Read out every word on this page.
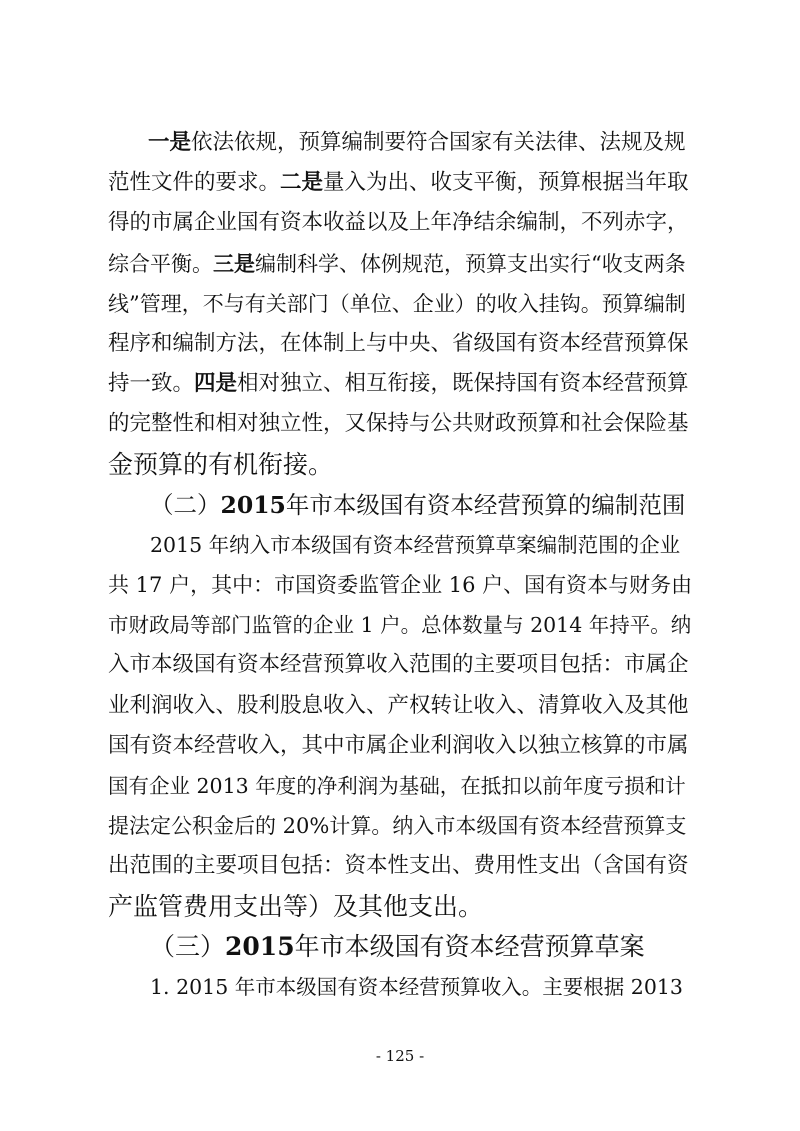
一是依法依规，预算编制要符合国家有关法律、法规及规
范性文件的要求。二是量入为出、收支平衡，预算根据当年取
得的市属企业国有资本收益以及上年净结余编制，不列赤字，
综合平衡。三是编制科学、体例规范，预算支出实行“收支两条
线”管理，不与有关部门（单位、企业）的收入挂钩。预算编制
程序和编制方法，在体制上与中央、省级国有资本经营预算保
持一致。四是相对独立、相互衔接，既保持国有资本经营预算
的完整性和相对独立性，又保持与公共财政预算和社会保险基
金预算的有机衔接。
（二）2015年市本级国有资本经营预算的编制范围
2015 年纳入市本级国有资本经营预算草案编制范围的企业
共 17 户，其中：市国资委监管企业 16 户、国有资本与财务由
市财政局等部门监管的企业 1 户。总体数量与 2014 年持平。纳
入市本级国有资本经营预算收入范围的主要项目包括：市属企
业利润收入、股利股息收入、产权转让收入、清算收入及其他
国有资本经营收入，其中市属企业利润收入以独立核算的市属
国有企业 2013 年度的净利润为基础，在抵扣以前年度亏损和计
提法定公积金后的 20%计算。纳入市本级国有资本经营预算支
出范围的主要项目包括：资本性支出、费用性支出（含国有资
产监管费用支出等）及其他支出。
- 125 -
（三）2015年市本级国有资本经营预算草案
1. 2015 年市本级国有资本经营预算收入。主要根据 2013
